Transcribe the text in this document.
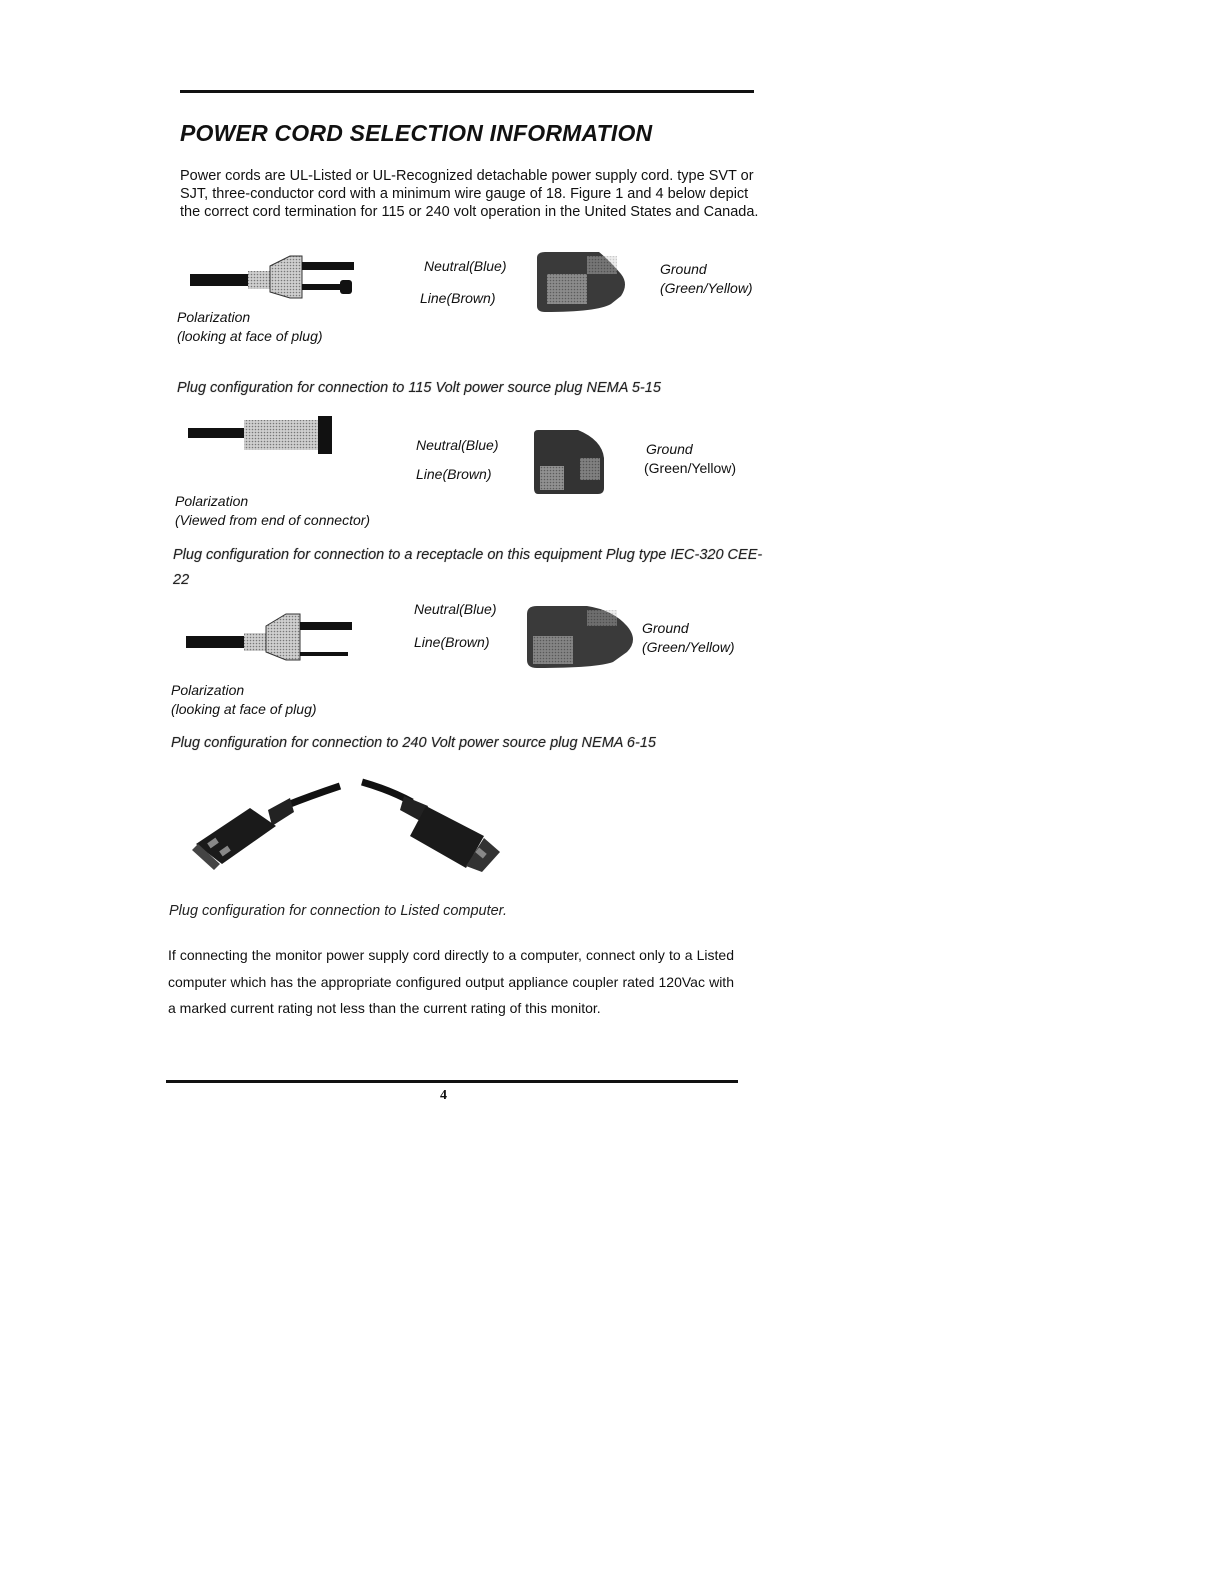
POWER CORD SELECTION INFORMATION
Power cords are UL-Listed or UL-Recognized detachable power supply cord. type SVT or SJT, three-conductor cord with a minimum wire gauge of 18. Figure 1 and 4 below depict the correct cord termination for 115 or 240 volt operation in the United States and Canada.
Neutral(Blue)
Line(Brown)
Ground
(Green/Yellow)
Polarization
(looking at face of plug)
Plug configuration for connection to 115 Volt power source plug NEMA 5-15
Neutral(Blue)
Line(Brown)
Ground
(Green/Yellow)
Polarization
(Viewed from end of connector)
Plug configuration for connection to a receptacle on this equipment Plug type IEC-320 CEE-22
Neutral(Blue)
Line(Brown)
Ground
(Green/Yellow)
Polarization
(looking at face of plug)
Plug configuration for connection to 240 Volt power source plug NEMA 6-15
Plug configuration for connection to Listed computer.
If connecting the monitor power supply cord directly to a computer, connect only to a Listed computer which has the appropriate configured output appliance coupler rated 120Vac with a marked current rating not less than the current rating of this monitor.
4
